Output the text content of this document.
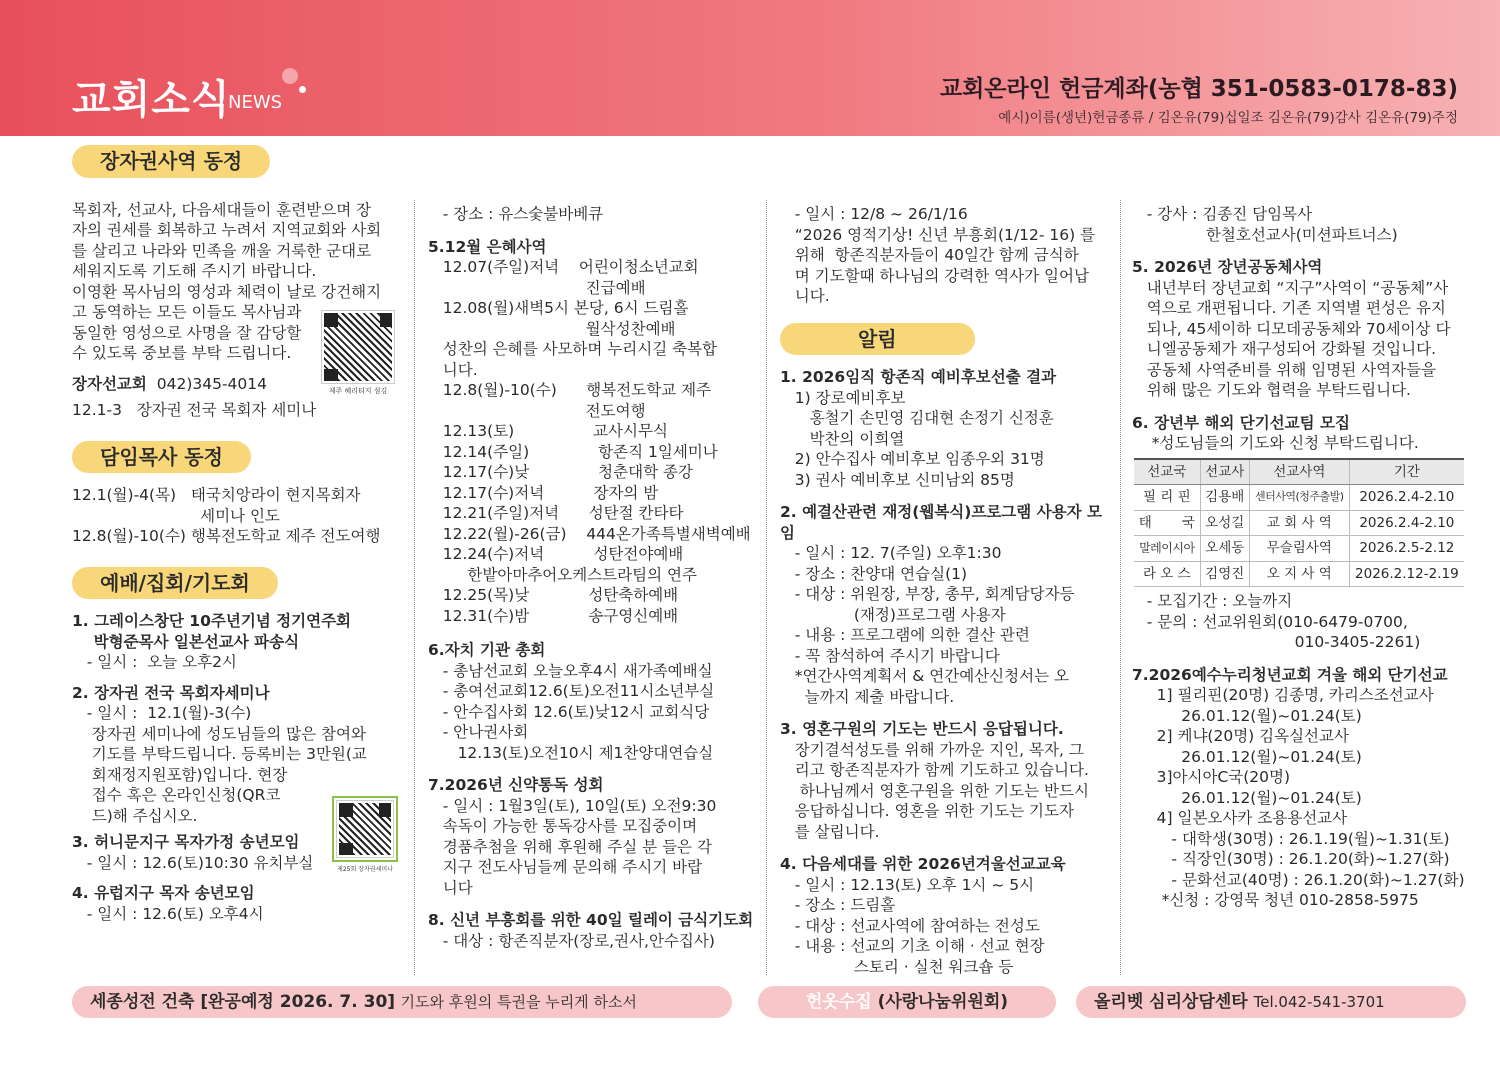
교회소식
NEWS
교회온라인 헌금계좌(농협 351-0583-0178-83)
예시)이름(생년)헌금종류 / 김온유(79)십일조 김온유(79)감사 김온유(79)주정
장자권사역 동정
목회자, 선교사, 다음세대들이 훈련받으며 장
자의 권세를 회복하고 누려서 지역교회와 사회
를 살리고 나라와 민족을 깨울 거룩한 군대로
세워지도록 기도해 주시기 바랍니다.
이영환 목사님의 영성과 체력이 날로 강건해지
고 동역하는 모든 이들도 목사님과
동일한 영성으로 사명을 잘 감당할
수 있도록 중보를 부탁 드립니다.
장자선교회 042)345-4014
12.1-3   장자권 전국 목회자 세미나
담임목사 동정
12.1(월)-4(목)   태국치앙라이 현지목회자
세미나 인도
12.8(월)-10(수) 행복전도학교 제주 전도여행
예배/집회/기도회
1. 그레이스창단 10주년기념 정기연주회
박형준목사 일본선교사 파송식
- 일시 :  오늘 오후2시
2. 장자권 전국 목회자세미나
- 일시 :  12.1(월)-3(수)
장자권 세미나에 성도님들의 많은 참여와
기도를 부탁드립니다. 등록비는 3만원(교
회재정지원포함)입니다. 현장
접수 혹은 온라인신청(QR코
드)해 주십시오.
3. 허니문지구 목자가정 송년모임
- 일시 : 12.6(토)10:30 유치부실
4. 유럽지구 목자 송년모임
- 일시 : 12.6(토) 오후4시
제주 헤리티지 섬김
제25회 장자권세미나
- 장소 : 유스숯불바베큐
5.12월 은혜사역
12.07(주일)저녁    어린이청소년교회
진급예배
12.08(월)새벽5시 본당, 6시 드림홀
월삭성찬예배
성찬의 은혜를 사모하며 누리시길 축복합
니다.
12.8(월)-10(수)      행복전도학교 제주
전도여행
12.13(토)                교사시무식
12.14(주일)              항존직 1일세미나
12.17(수)낮              청춘대학 종강
12.17(수)저녁          장자의 밤
12.21(주일)저녁      성탄절 칸타타
12.22(월)-26(금)    444온가족특별새벽예배
12.24(수)저녁          성탄전야예배
한밭아마추어오케스트라팀의 연주
12.25(목)낮            성탄축하예배
12.31(수)밤            송구영신예배
6.자치 기관 총회
- 총남선교회 오늘오후4시 새가족예배실
- 총여선교회12.6(토)오전11시소년부실
- 안수집사회 12.6(토)낮12시 교회식당
- 안나권사회
12.13(토)오전10시 제1찬양대연습실
7.2026년 신약통독 성회
- 일시 : 1월3일(토), 10일(토) 오전9:30
속독이 가능한 통독강사를 모집중이며
경품추첨을 위해 후원해 주실 분 들은 각
지구 전도사님들께 문의해 주시기 바랍
니다
8. 신년 부흥회를 위한 40일 릴레이 금식기도회
- 대상 : 항존직분자(장로,권사,안수집사)
- 일시 : 12/8 ~ 26/1/16
“2026 영적기상! 신년 부흥회(1/12- 16) 를
위해  항존직분자들이 40일간 함께 금식하
며 기도할때 하나님의 강력한 역사가 일어납
니다.
알림
1. 2026임직 항존직 예비후보선출 결과
1) 장로예비후보
홍철기 손민영 김대현 손정기 신정훈
박찬의 이희열
2) 안수집사 예비후보 임종우외 31명
3) 권사 예비후보 신미남외 85명
2. 예결산관련 재정(웹복식)프로그램 사용자 모임
- 일시 : 12. 7(주일) 오후1:30
- 장소 : 찬양대 연습실(1)
- 대상 : 위원장, 부장, 총무, 회계담당자등
(재정)프로그램 사용자
- 내용 : 프로그램에 의한 결산 관련
- 꼭 참석하여 주시기 바랍니다
*연간사역계획서 & 연간예산신청서는 오
늘까지 제출 바랍니다.
3. 영혼구원의 기도는 반드시 응답됩니다.
장기결석성도를 위해 가까운 지인, 목자, 그
리고 항존직분자가 함께 기도하고 있습니다.
하나님께서 영혼구원을 위한 기도는 반드시
응답하십니다. 영혼을 위한 기도는 기도자
를 살립니다.
4. 다음세대를 위한 2026년겨울선교교육
- 일시 : 12.13(토) 오후 1시 ~ 5시
- 장소 : 드림홀
- 대상 : 선교사역에 참여하는 전성도
- 내용 : 선교의 기초 이해 · 선교 현장
스토리 · 실천 워크숍 등
- 강사 : 김종진 담임목사
한철호선교사(미션파트너스)
5. 2026년 장년공동체사역
내년부터 장년교회 “지구”사역이 “공동체”사
역으로 개편됩니다. 기존 지역별 편성은 유지
되나, 45세이하 디모데공동체와 70세이상 다
니엘공동체가 재구성되어 강화될 것입니다.
공동체 사역준비를 위해 임명된 사역자들을
위해 많은 기도와 협력을 부탁드립니다.
6. 장년부 해외 단기선교팀 모집
*성도님들의 기도와 신청 부탁드립니다.
선교국	선교사	선교사역	기간
필 리 핀	김용배	센터사역(청주출발)	2026.2.4-2.10
태       국	오성길	교 회 사 역	2026.2.4-2.10
말레이시아	오세동	무슬림사역	2026.2.5-2.12
라 오 스	김영진	오 지 사 역	2026.2.12-2.19
- 모집기간 : 오늘까지
- 문의 : 선교위원회(010-6479-0700,
010-3405-2261)
7.2026예수누리청년교회 겨울 해외 단기선교
1] 필리핀(20명) 김종명, 카리스조선교사
26.01.12(월)~01.24(토)
2] 케냐(20명) 김옥실선교사
26.01.12(월)~01.24(토)
3]아시아C국(20명)
26.01.12(월)~01.24(토)
4] 일본오사카 조용용선교사
- 대학생(30명) : 26.1.19(월)~1.31(토)
- 직장인(30명) : 26.1.20(화)~1.27(화)
- 문화선교(40명) : 26.1.20(화)~1.27(화)
*신청 : 강영묵 청년 010-2858-5975
세종성전 건축 [완공예정 2026. 7. 30] 기도와 후원의 특권을 누리게 하소서	헌옷수집 (사랑나눔위원회)	올리벳 심리상담센타 Tel.042-541-3701
